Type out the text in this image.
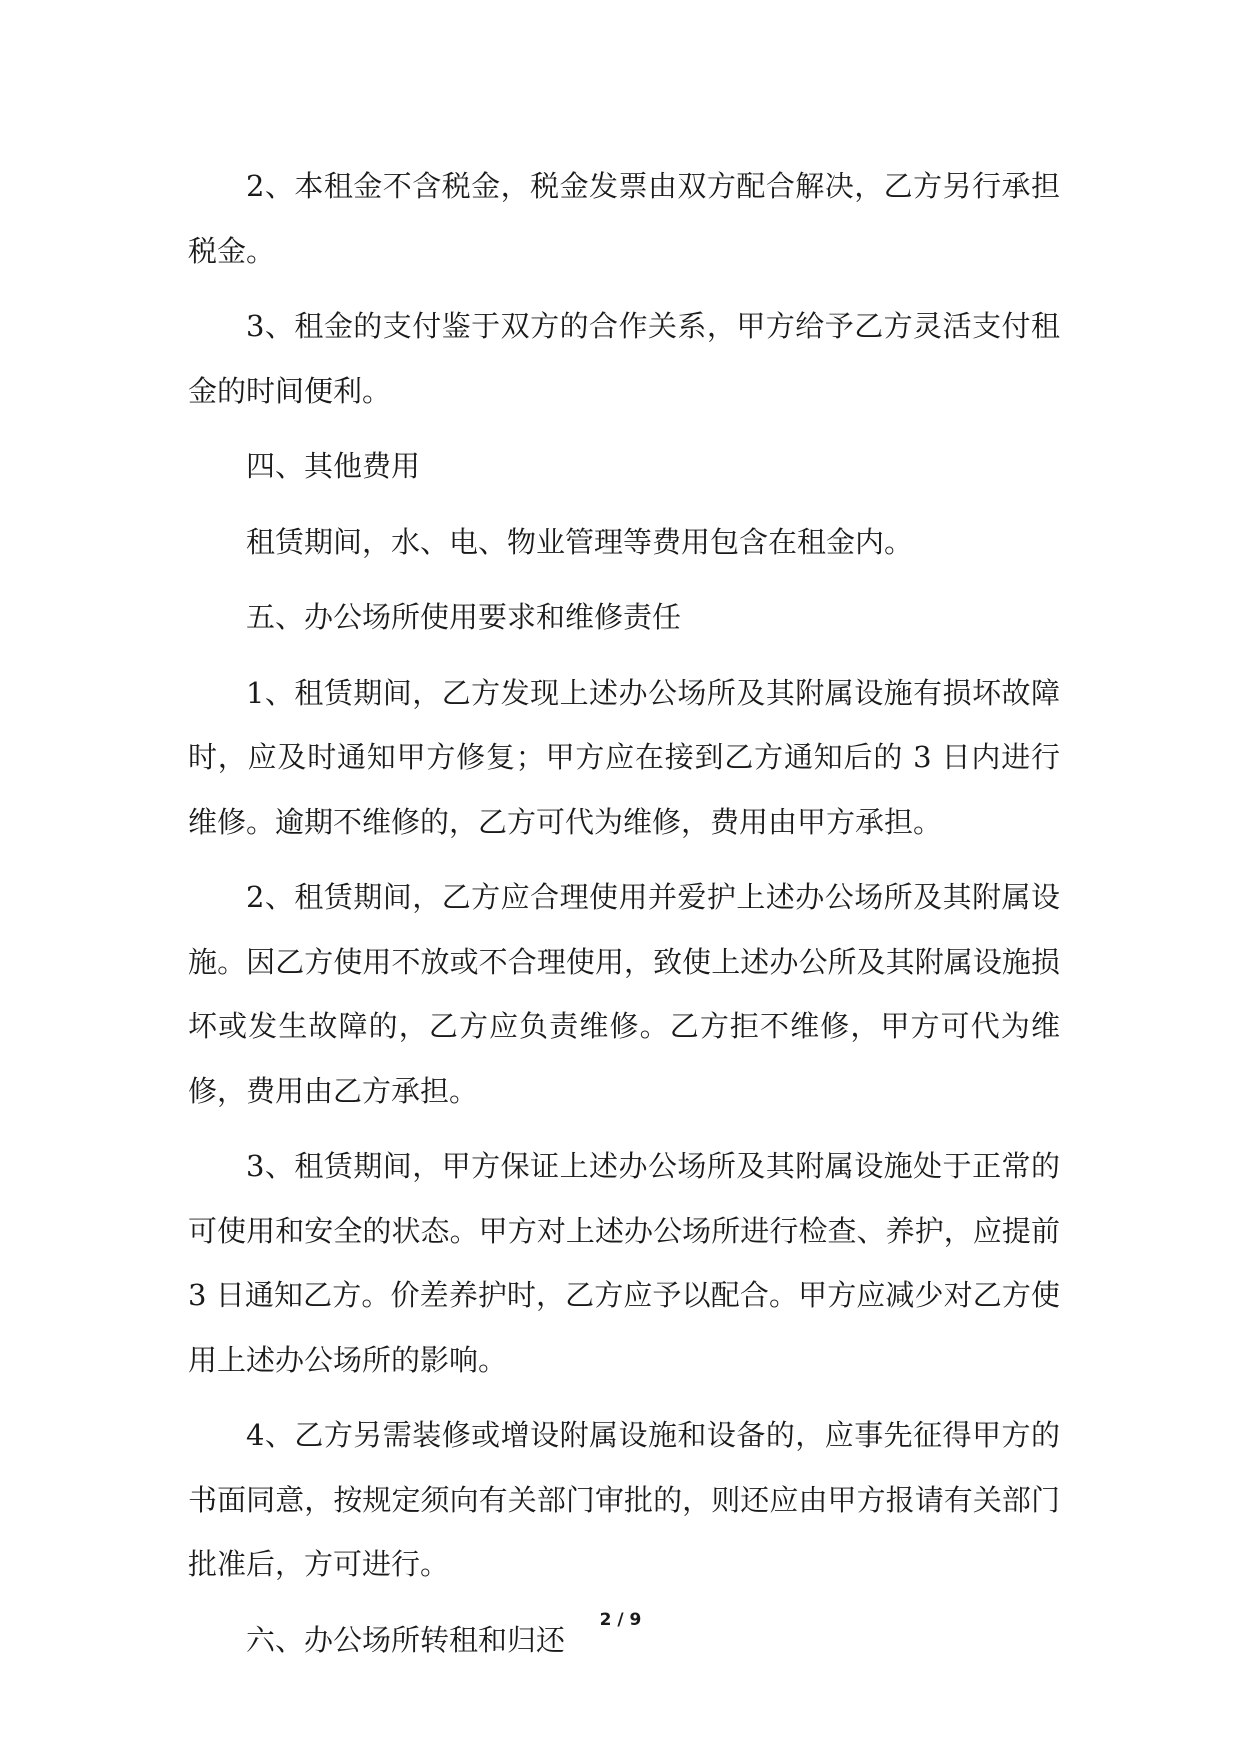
2、本租金不含税金，税金发票由双方配合解决，乙方另行承担税金。

3、租金的支付鉴于双方的合作关系，甲方给予乙方灵活支付租金的时间便利。

四、其他费用

租赁期间，水、电、物业管理等费用包含在租金内。

五、办公场所使用要求和维修责任

1、租赁期间，乙方发现上述办公场所及其附属设施有损坏故障时，应及时通知甲方修复；甲方应在接到乙方通知后的 3 日内进行维修。逾期不维修的，乙方可代为维修，费用由甲方承担。

2、租赁期间，乙方应合理使用并爱护上述办公场所及其附属设施。因乙方使用不放或不合理使用，致使上述办公所及其附属设施损坏或发生故障的，乙方应负责维修。乙方拒不维修，甲方可代为维修，费用由乙方承担。

3、租赁期间，甲方保证上述办公场所及其附属设施处于正常的可使用和安全的状态。甲方对上述办公场所进行检查、养护，应提前 3 日通知乙方。价差养护时，乙方应予以配合。甲方应减少对乙方使用上述办公场所的影响。

4、乙方另需装修或增设附属设施和设备的，应事先征得甲方的书面同意，按规定须向有关部门审批的，则还应由甲方报请有关部门批准后，方可进行。

六、办公场所转租和归还

2 / 9
